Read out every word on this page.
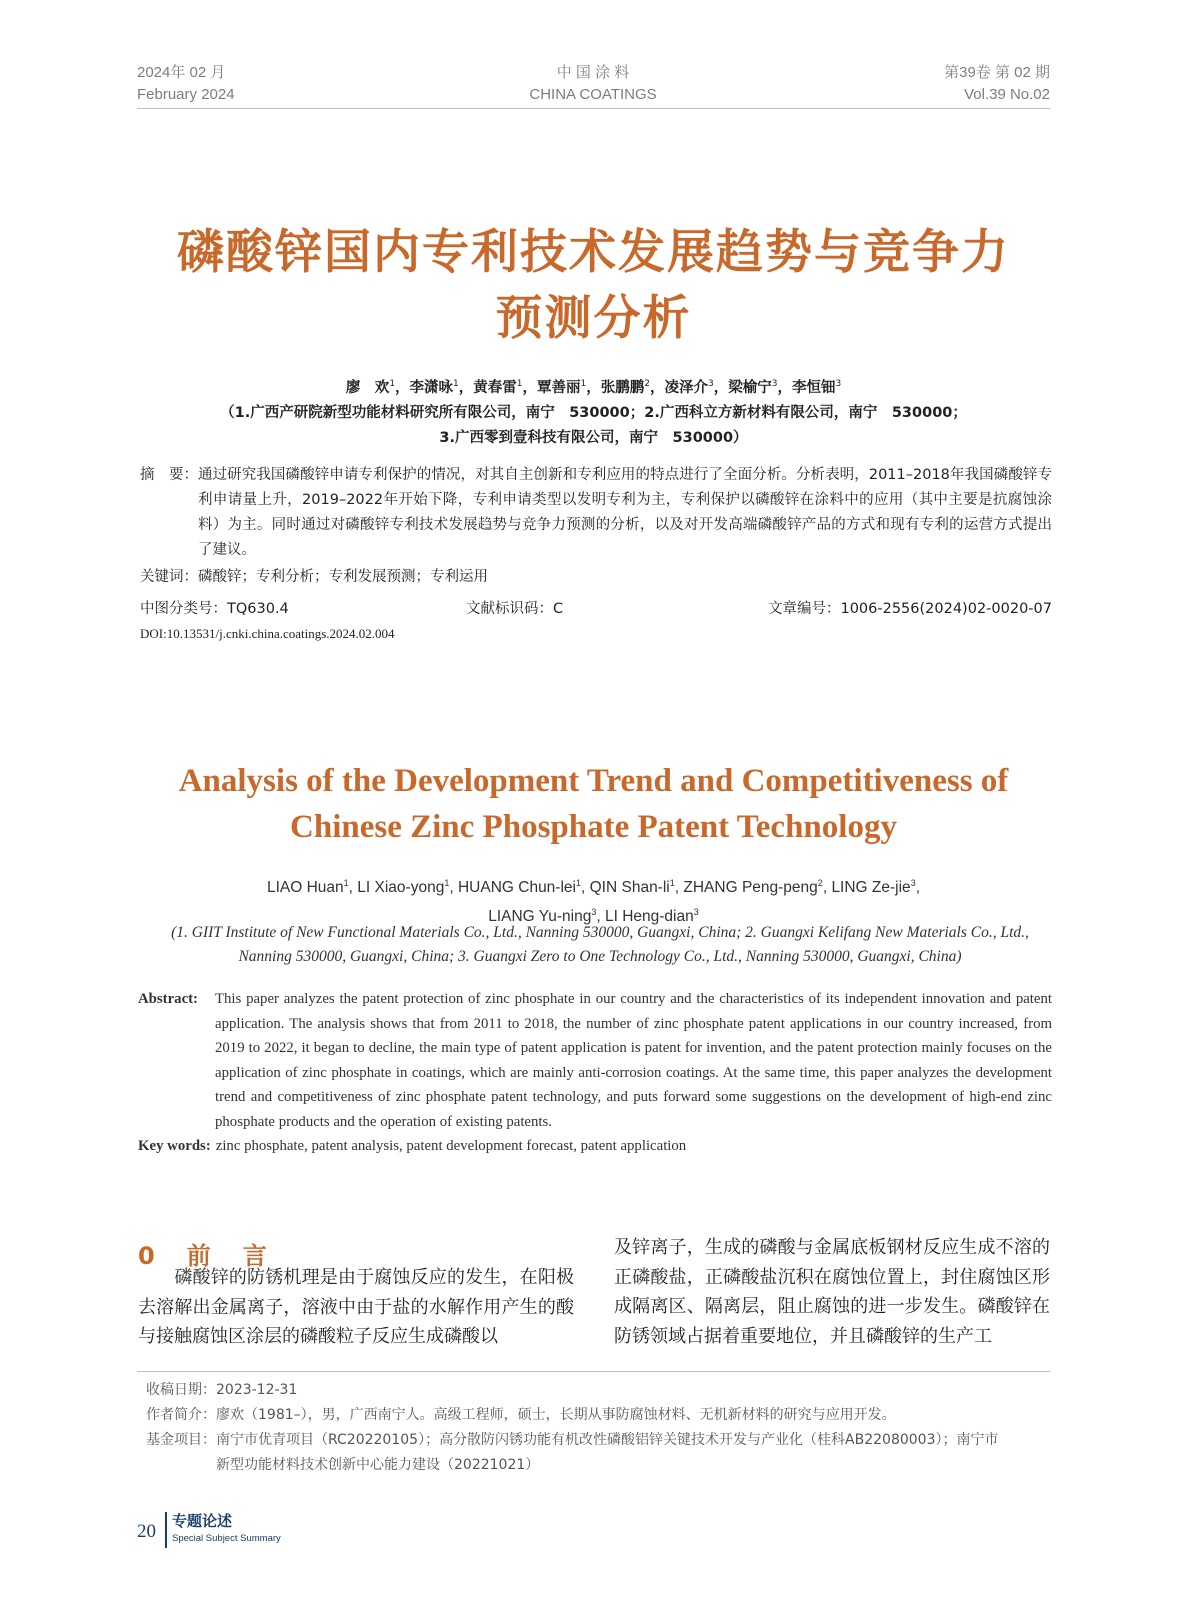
2024年 02 月
February 2024
中 国 涂 料
CHINA COATINGS
第39卷 第 02 期
Vol.39 No.02
磷酸锌国内专利技术发展趋势与竞争力
预测分析
廖　欢$^1$，李潇咏$^1$，黄春雷$^1$，覃善丽$^1$，张鹏鹏$^2$，凌泽介$^3$，梁榆宁$^3$，李恒钿$^3$
（1.广西产研院新型功能材料研究所有限公司，南宁　530000；2.广西科立方新材料有限公司，南宁　530000；
3.广西零到壹科技有限公司，南宁　530000）
摘　要： 通过研究我国磷酸锌申请专利保护的情况，对其自主创新和专利应用的特点进行了全面分析。分析表明，2011–2018年我国磷酸锌专利申请量上升，2019–2022年开始下降，专利申请类型以发明专利为主，专利保护以磷酸锌在涂料中的应用（其中主要是抗腐蚀涂料）为主。同时通过对磷酸锌专利技术发展趋势与竞争力预测的分析，以及对开发高端磷酸锌产品的方式和现有专利的运营方式提出了建议。
关键词：磷酸锌；专利分析；专利发展预测；专利运用
中图分类号：TQ630.4	文献标识码：C	文章编号：1006-2556(2024)02-0020-07
DOI:10.13531/j.cnki.china.coatings.2024.02.004
Analysis of the Development Trend and Competitiveness of
Chinese Zinc Phosphate Patent Technology
LIAO Huan$^1$, LI Xiao-yong$^1$, HUANG Chun-lei$^1$, QIN Shan-$li^1$, ZHANG Peng-peng$^2$, LING Ze-jie$^3$,
LIANG Yu-ning$^3$, LI Heng-dian$^3$
(1. GIIT Institute of New Functional Materials Co., Ltd., Nanning 530000, Guangxi, China; 2. Guangxi Kelifang New Materials Co., Ltd., Nanning 530000, Guangxi, China; 3. Guangxi Zero to One Technology Co., Ltd., Nanning 530000, Guangxi, China)
Abstract: This paper analyzes the patent protection of zinc phosphate in our country and the characteristics of its independent innovation and patent application. The analysis shows that from 2011 to 2018, the number of zinc phosphate patent applications in our country increased, from 2019 to 2022, it began to decline, the main type of patent application is patent for invention, and the patent protection mainly focuses on the application of zinc phosphate in coatings, which are mainly anti-corrosion coatings. At the same time, this paper analyzes the development trend and competitiveness of zinc phosphate patent technology, and puts forward some suggestions on the development of high-end zinc phosphate products and the operation of existing patents.
Key words: zinc phosphate, patent analysis, patent development forecast, patent application
0　前　言
　　磷酸锌的防锈机理是由于腐蚀反应的发生，在阳极去溶解出金属离子，溶液中由于盐的水解作用产生的酸与接触腐蚀区涂层的磷酸粒子反应生成磷酸以
及锌离子，生成的磷酸与金属底板钢材反应生成不溶的正磷酸盐，正磷酸盐沉积在腐蚀位置上，封住腐蚀区形成隔离区、隔离层，阻止腐蚀的进一步发生。磷酸锌在防锈领域占据着重要地位，并且磷酸锌的生产工
收稿日期：2023-12-31
作者简介：廖欢（1981–），男，广西南宁人。高级工程师，硕士，长期从事防腐蚀材料、无机新材料的研究与应用开发。
基金项目：南宁市优青项目（RC20220105）；高分散防闪锈功能有机改性磷酸铝锌关键技术开发与产业化（桂科AB22080003）；南宁市
新型功能材料技术创新中心能力建设（20221021）
20 专题论述
Special Subject Summary
